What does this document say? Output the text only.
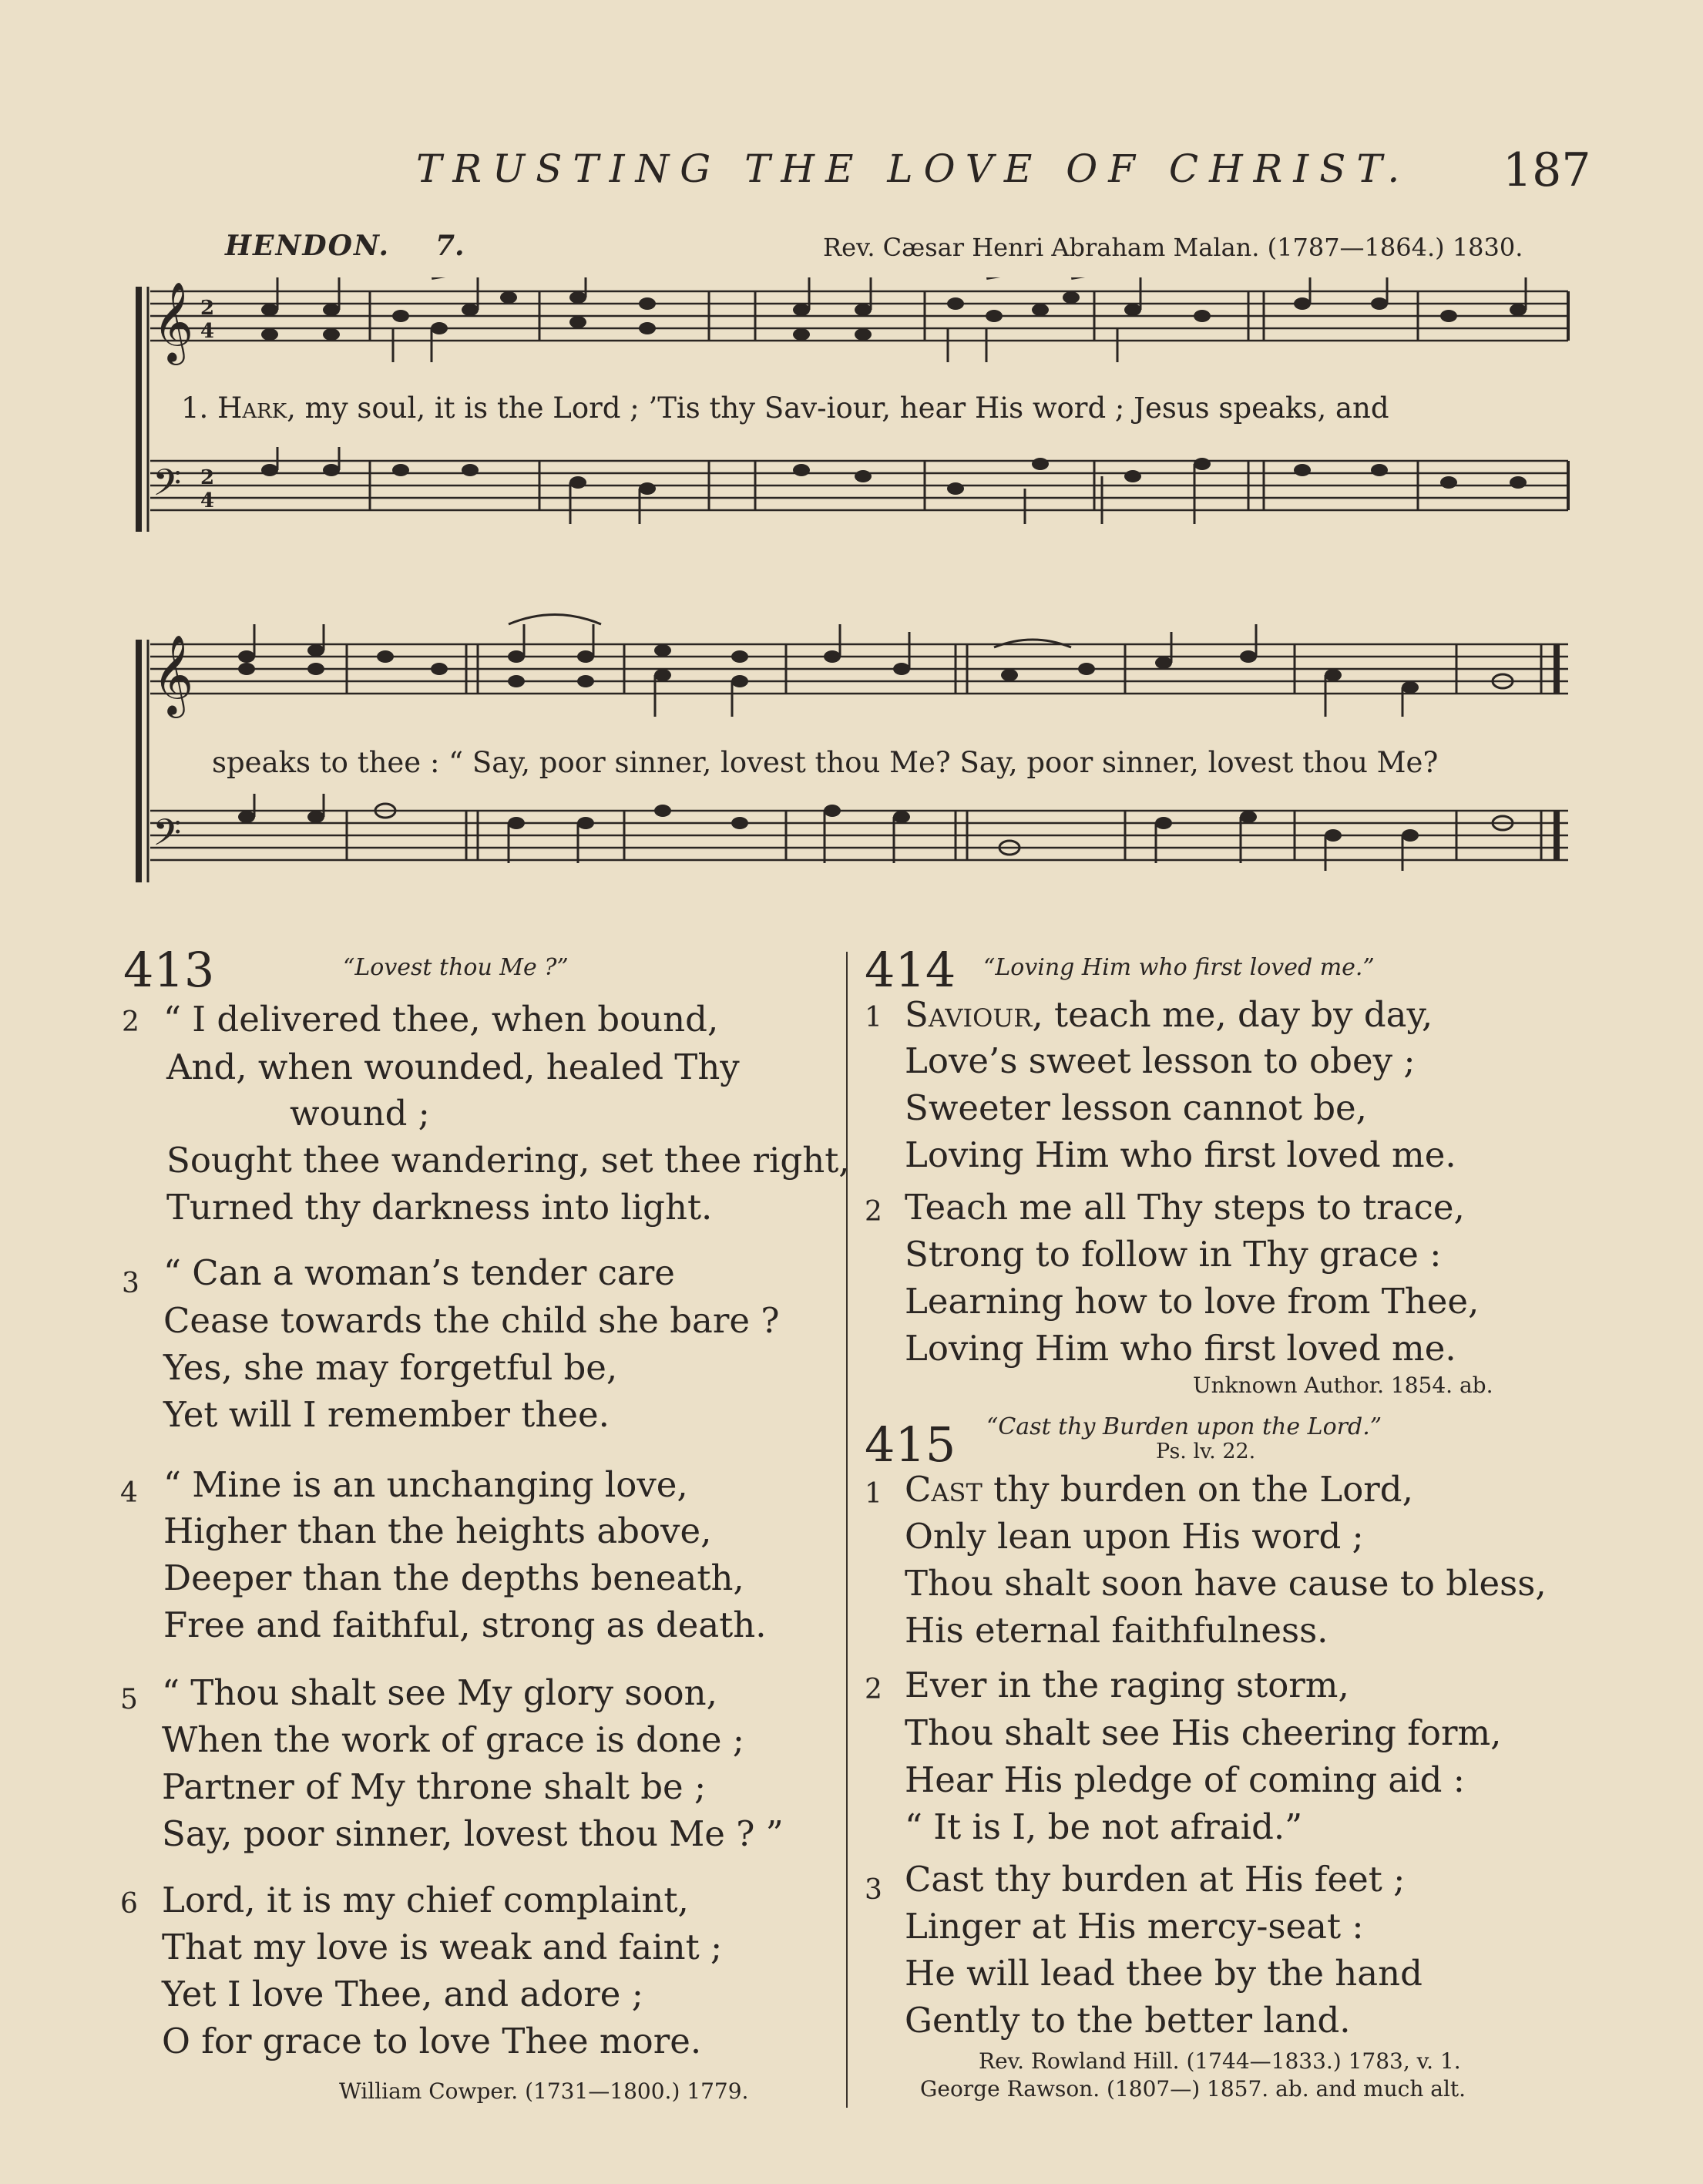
TRUSTING THE LOVE OF CHRIST. 187
HENDON. 7.	Rev. Cæsar Henri Abraham Malan. (1787—1864.) 1830.
𝄞
𝄢
2
4
2
4
1. Hark, my soul, it is the Lord ; ’Tis thy Sav-iour, hear His word ; Jesus speaks, and
𝄞
𝄢
speaks to thee : “ Say, poor sinner, lovest thou Me? Say, poor sinner, lovest thou Me?
413	“Lovest thou Me ?”
2 “ I delivered thee, when bound,
And, when wounded, healed Thy
wound ;
Sought thee wandering, set thee right,
Turned thy darkness into light.
3 “ Can a woman’s tender care
Cease towards the child she bare ?
Yes, she may forgetful be,
Yet will I remember thee.
4 “ Mine is an unchanging love,
Higher than the heights above,
Deeper than the depths beneath,
Free and faithful, strong as death.
5 “ Thou shalt see My glory soon,
When the work of grace is done ;
Partner of My throne shalt be ;
Say, poor sinner, lovest thou Me ? ”
6 Lord, it is my chief complaint,
That my love is weak and faint ;
Yet I love Thee, and adore ;
O for grace to love Thee more.
William Cowper. (1731—1800.) 1779.
414 “Loving Him who first loved me.”
1 Saviour, teach me, day by day,
Love’s sweet lesson to obey ;
Sweeter lesson cannot be,
Loving Him who first loved me.
2 Teach me all Thy steps to trace,
Strong to follow in Thy grace :
Learning how to love from Thee,
Loving Him who first loved me.
Unknown Author. 1854. ab.
415 “Cast thy Burden upon the Lord.”
Ps. lv. 22.
1 Cast thy burden on the Lord,
Only lean upon His word ;
Thou shalt soon have cause to bless,
His eternal faithfulness.
2 Ever in the raging storm,
Thou shalt see His cheering form,
Hear His pledge of coming aid :
“ It is I, be not afraid.”
3 Cast thy burden at His feet ;
Linger at His mercy-seat :
He will lead thee by the hand
Gently to the better land.
Rev. Rowland Hill. (1744—1833.) 1783, v. 1.
George Rawson. (1807—) 1857. ab. and much alt.
